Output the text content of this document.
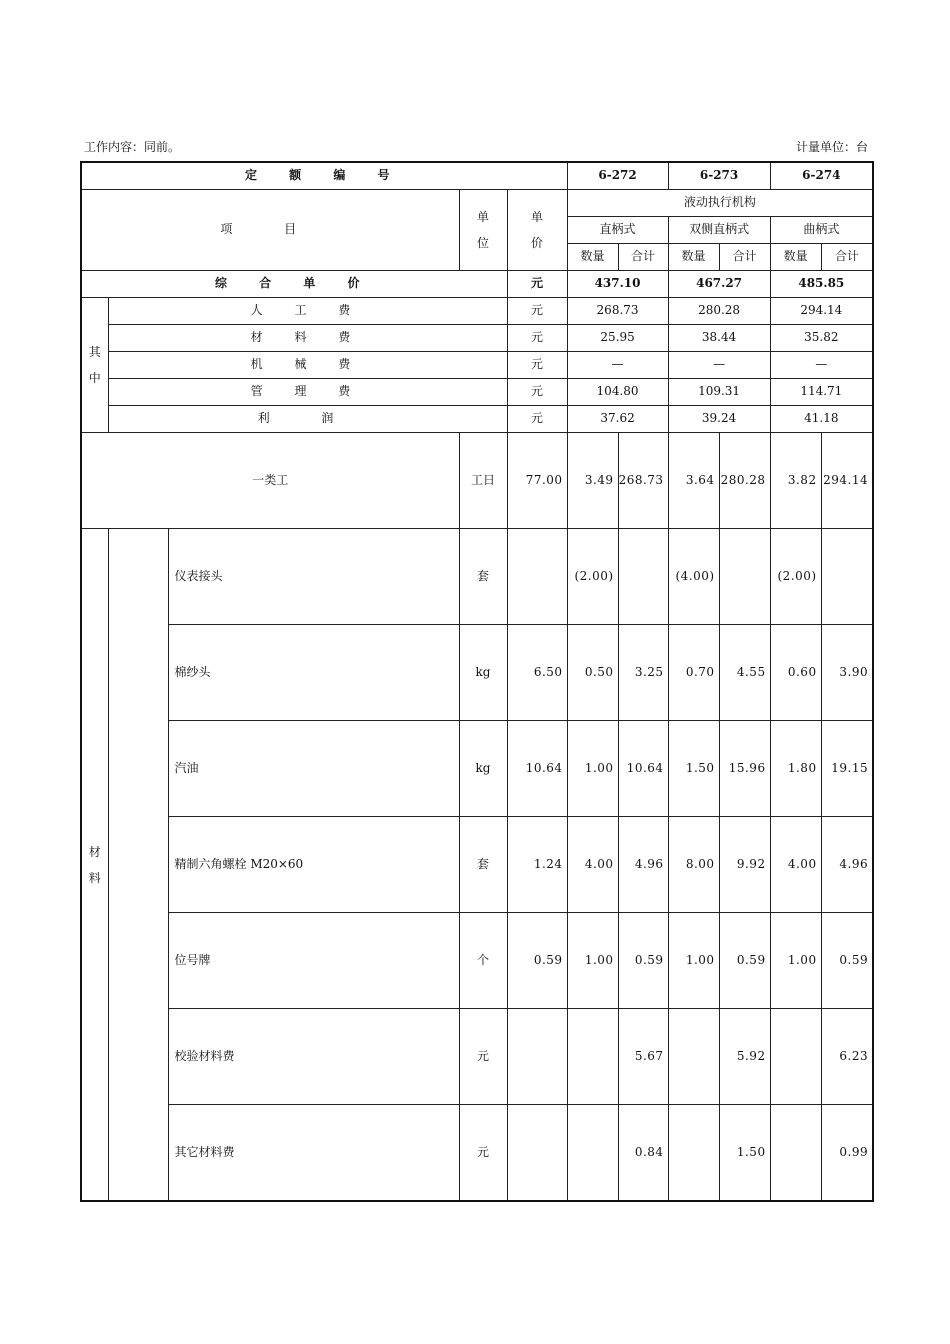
工作内容：同前。	计量单位：台
定 额 编 号					6-272		6-273		6-274	
项 目			单位	单价	液动执行机构					
					直柄式		双侧直柄式		曲柄式	
					数量	合计	数量	合计	数量	合计
综 合 单 价				元	437.10		467.27		485.85	
其中	人 工 费			元	268.73		280.28		294.14	
	材 料 费			元	25.95		38.44		35.82	
	机 械 费			元	—		—		—	
	管 理 费			元	104.80		109.31		114.71	
	利 润			元	37.62		39.24		41.18	
一类工			工日	77.00	3.49	268.73	3.64	280.28	3.82	294.14
材料		仪表接头	套		(2.00)		(4.00)		(2.00)	
		棉纱头	kg	6.50	0.50	3.25	0.70	4.55	0.60	3.90
		汽油	kg	10.64	1.00	10.64	1.50	15.96	1.80	19.15
		精制六角螺栓 M20×60	套	1.24	4.00	4.96	8.00	9.92	4.00	4.96
		位号牌	个	0.59	1.00	0.59	1.00	0.59	1.00	0.59
		校验材料费	元			5.67		5.92		6.23
		其它材料费	元			0.84		1.50		0.99
